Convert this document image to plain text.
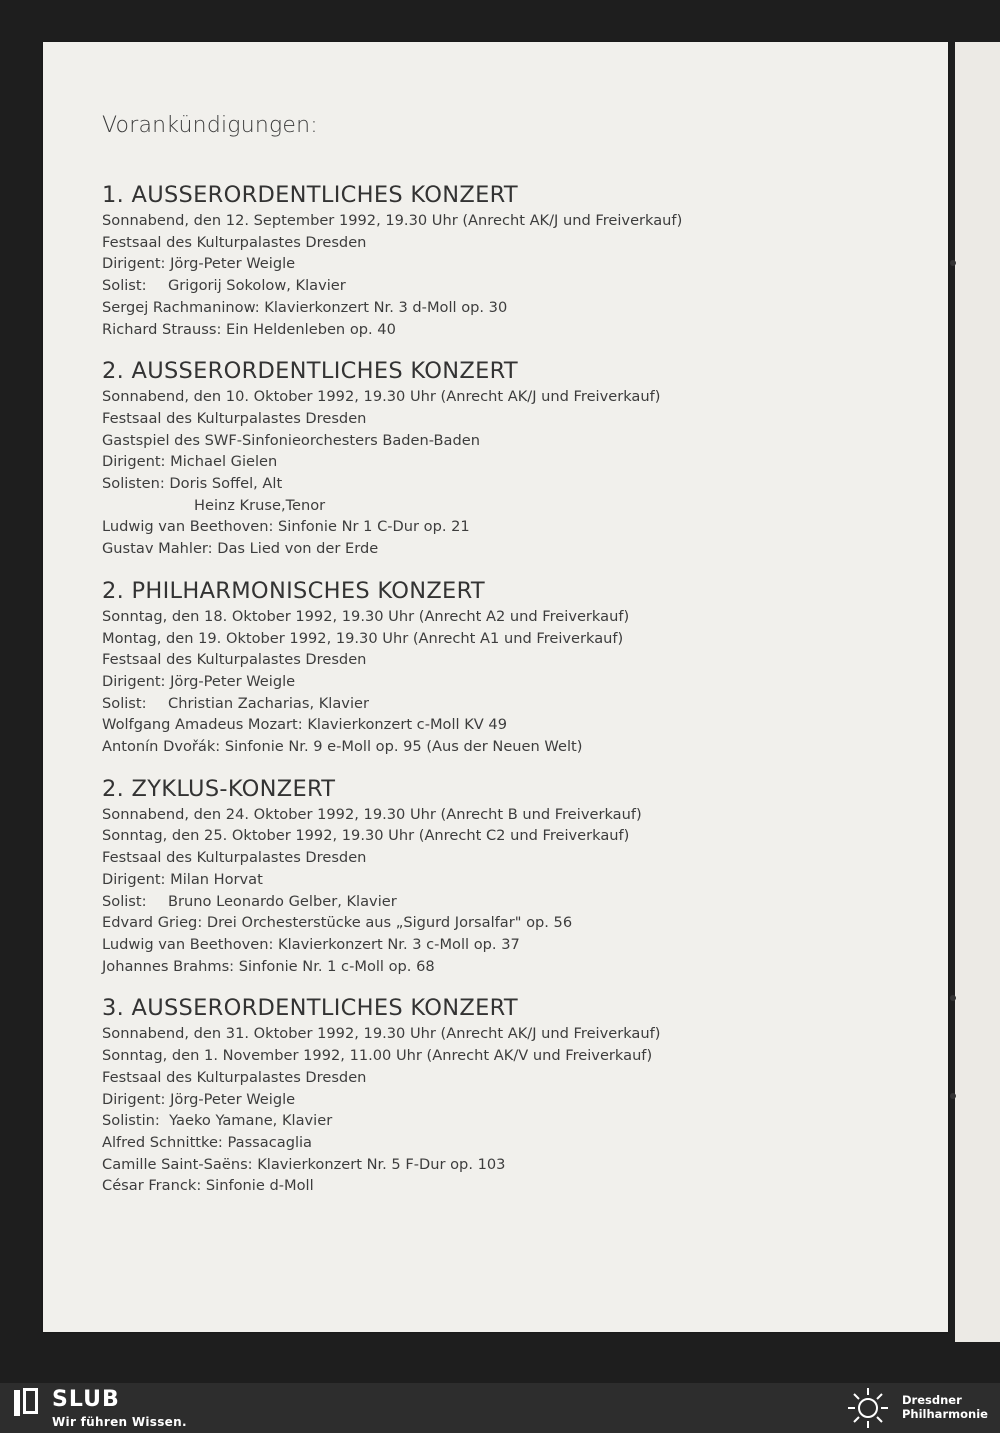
Vorankündigungen:
1. AUSSERORDENTLICHES KONZERT
Sonnabend, den 12. September 1992, 19.30 Uhr (Anrecht AK/J und Freiverkauf)
Festsaal des Kulturpalastes Dresden
Dirigent: Jörg-Peter Weigle
Solist: Grigorij Sokolow, Klavier
Sergej Rachmaninow: Klavierkonzert Nr. 3 d-Moll op. 30
Richard Strauss: Ein Heldenleben op. 40
2. AUSSERORDENTLICHES KONZERT
Sonnabend, den 10. Oktober 1992, 19.30 Uhr (Anrecht AK/J und Freiverkauf)
Festsaal des Kulturpalastes Dresden
Gastspiel des SWF-Sinfonieorchesters Baden-Baden
Dirigent: Michael Gielen
Solisten: Doris Soffel, Alt
Heinz Kruse,Tenor
Ludwig van Beethoven: Sinfonie Nr 1 C-Dur op. 21
Gustav Mahler: Das Lied von der Erde
2. PHILHARMONISCHES KONZERT
Sonntag, den 18. Oktober 1992, 19.30 Uhr (Anrecht A2 und Freiverkauf)
Montag, den 19. Oktober 1992, 19.30 Uhr (Anrecht A1 und Freiverkauf)
Festsaal des Kulturpalastes Dresden
Dirigent: Jörg-Peter Weigle
Solist: Christian Zacharias, Klavier
Wolfgang Amadeus Mozart: Klavierkonzert c-Moll KV 49
Antonín Dvořák: Sinfonie Nr. 9 e-Moll op. 95 (Aus der Neuen Welt)
2. ZYKLUS-KONZERT
Sonnabend, den 24. Oktober 1992, 19.30 Uhr (Anrecht B und Freiverkauf)
Sonntag, den 25. Oktober 1992, 19.30 Uhr (Anrecht C2 und Freiverkauf)
Festsaal des Kulturpalastes Dresden
Dirigent: Milan Horvat
Solist: Bruno Leonardo Gelber, Klavier
Edvard Grieg: Drei Orchesterstücke aus „Sigurd Jorsalfar" op. 56
Ludwig van Beethoven: Klavierkonzert Nr. 3 c-Moll op. 37
Johannes Brahms: Sinfonie Nr. 1 c-Moll op. 68
3. AUSSERORDENTLICHES KONZERT
Sonnabend, den 31. Oktober 1992, 19.30 Uhr (Anrecht AK/J und Freiverkauf)
Sonntag, den 1. November 1992, 11.00 Uhr (Anrecht AK/V und Freiverkauf)
Festsaal des Kulturpalastes Dresden
Dirigent: Jörg-Peter Weigle
Solistin:  Yaeko Yamane, Klavier
Alfred Schnittke: Passacaglia
Camille Saint-Saëns: Klavierkonzert Nr. 5 F-Dur op. 103
César Franck: Sinfonie d-Moll
SLUB
Wir führen Wissen.
Dresdner
Philharmonie
